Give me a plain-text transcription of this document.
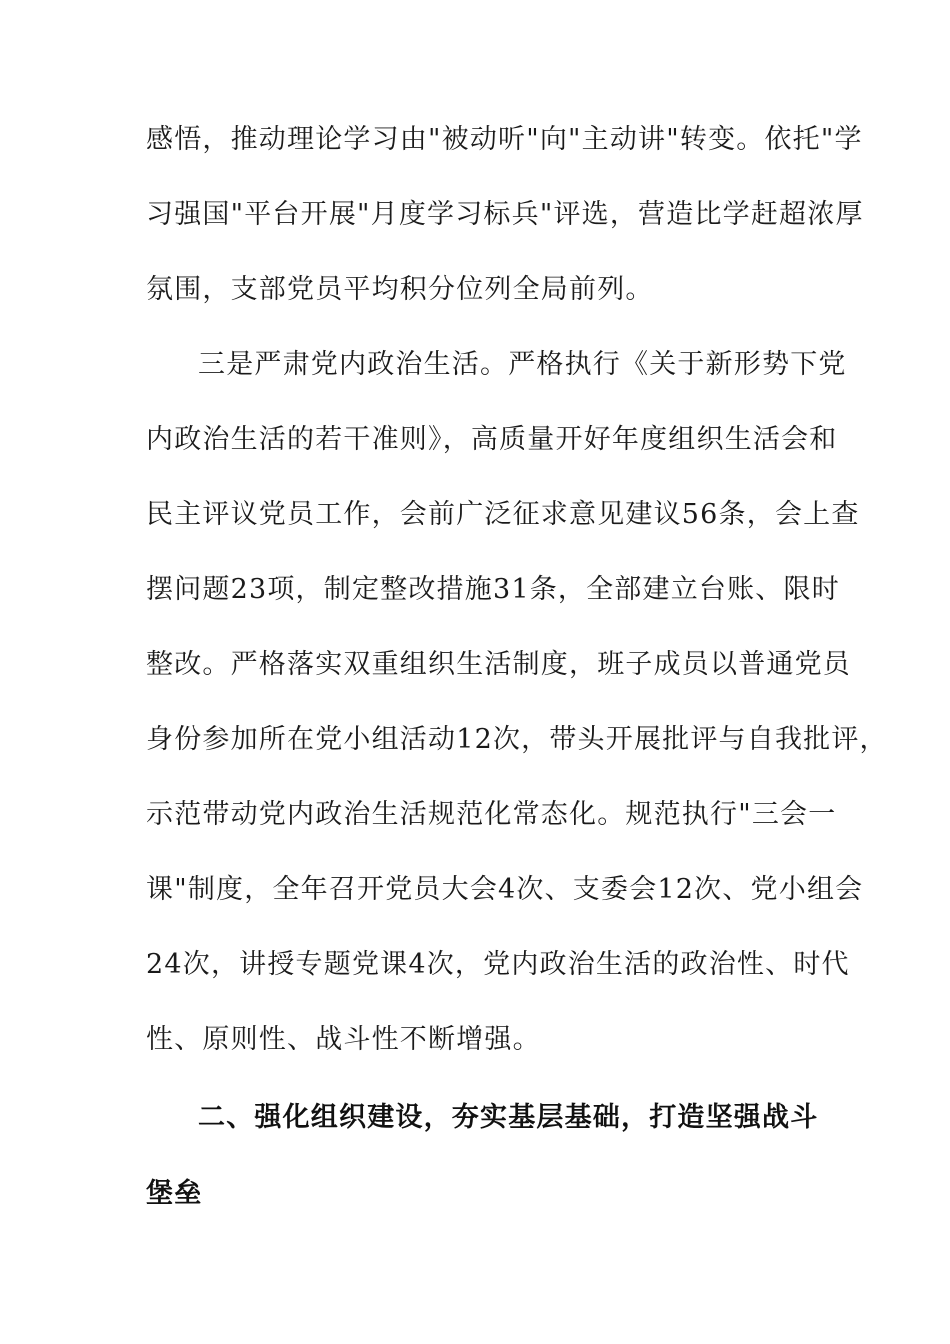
感悟，推动理论学习由"被动听"向"主动讲"转变。依托"学
习强国"平台开展"月度学习标兵"评选，营造比学赶超浓厚
氛围，支部党员平均积分位列全局前列。
三是严肃党内政治生活。严格执行《关于新形势下党
内政治生活的若干准则》，高质量开好年度组织生活会和
民主评议党员工作，会前广泛征求意见建议56条，会上查
摆问题23项，制定整改措施31条，全部建立台账、限时
整改。严格落实双重组织生活制度，班子成员以普通党员
身份参加所在党小组活动12次，带头开展批评与自我批评，
示范带动党内政治生活规范化常态化。规范执行"三会一
课"制度，全年召开党员大会4次、支委会12次、党小组会
24次，讲授专题党课4次，党内政治生活的政治性、时代
性、原则性、战斗性不断增强。
二、强化组织建设，夯实基层基础，打造坚强战斗
堡垒
